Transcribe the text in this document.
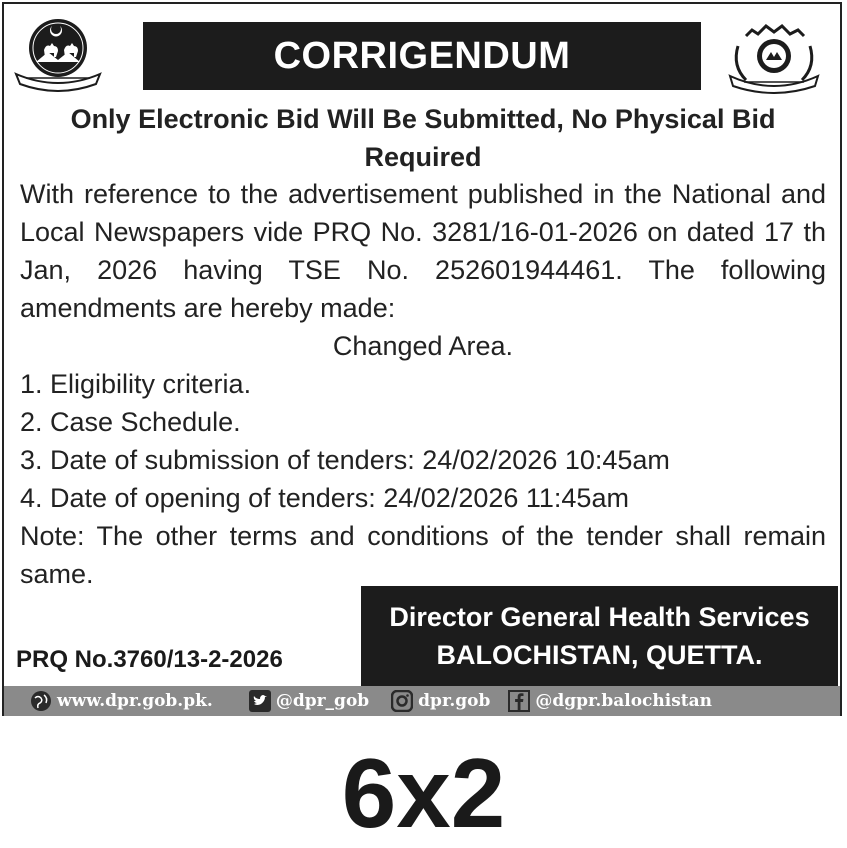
CORRIGENDUM
Only Electronic Bid Will Be Submitted, No Physical Bid
Required

With reference to the advertisement published in the National and Local Newspapers vide PRQ No. 3281/16-01-2026 on dated 17 th Jan, 2026 having TSE No. 252601944461. The following amendments are hereby made:

Changed Area.

1. Eligibility criteria.
2. Case Schedule.
3. Date of submission of tenders: 24/02/2026 10:45am
4. Date of opening of tenders: 24/02/2026 11:45am

Note: The other terms and conditions of the tender shall remain same.

Director General Health Services
BALOCHISTAN, QUETTA.
PRQ No.3760/13-2-2026
www.dpr.gob.pk.	@dpr_gob	dpr.gob	@dgpr.balochistan
6x2
